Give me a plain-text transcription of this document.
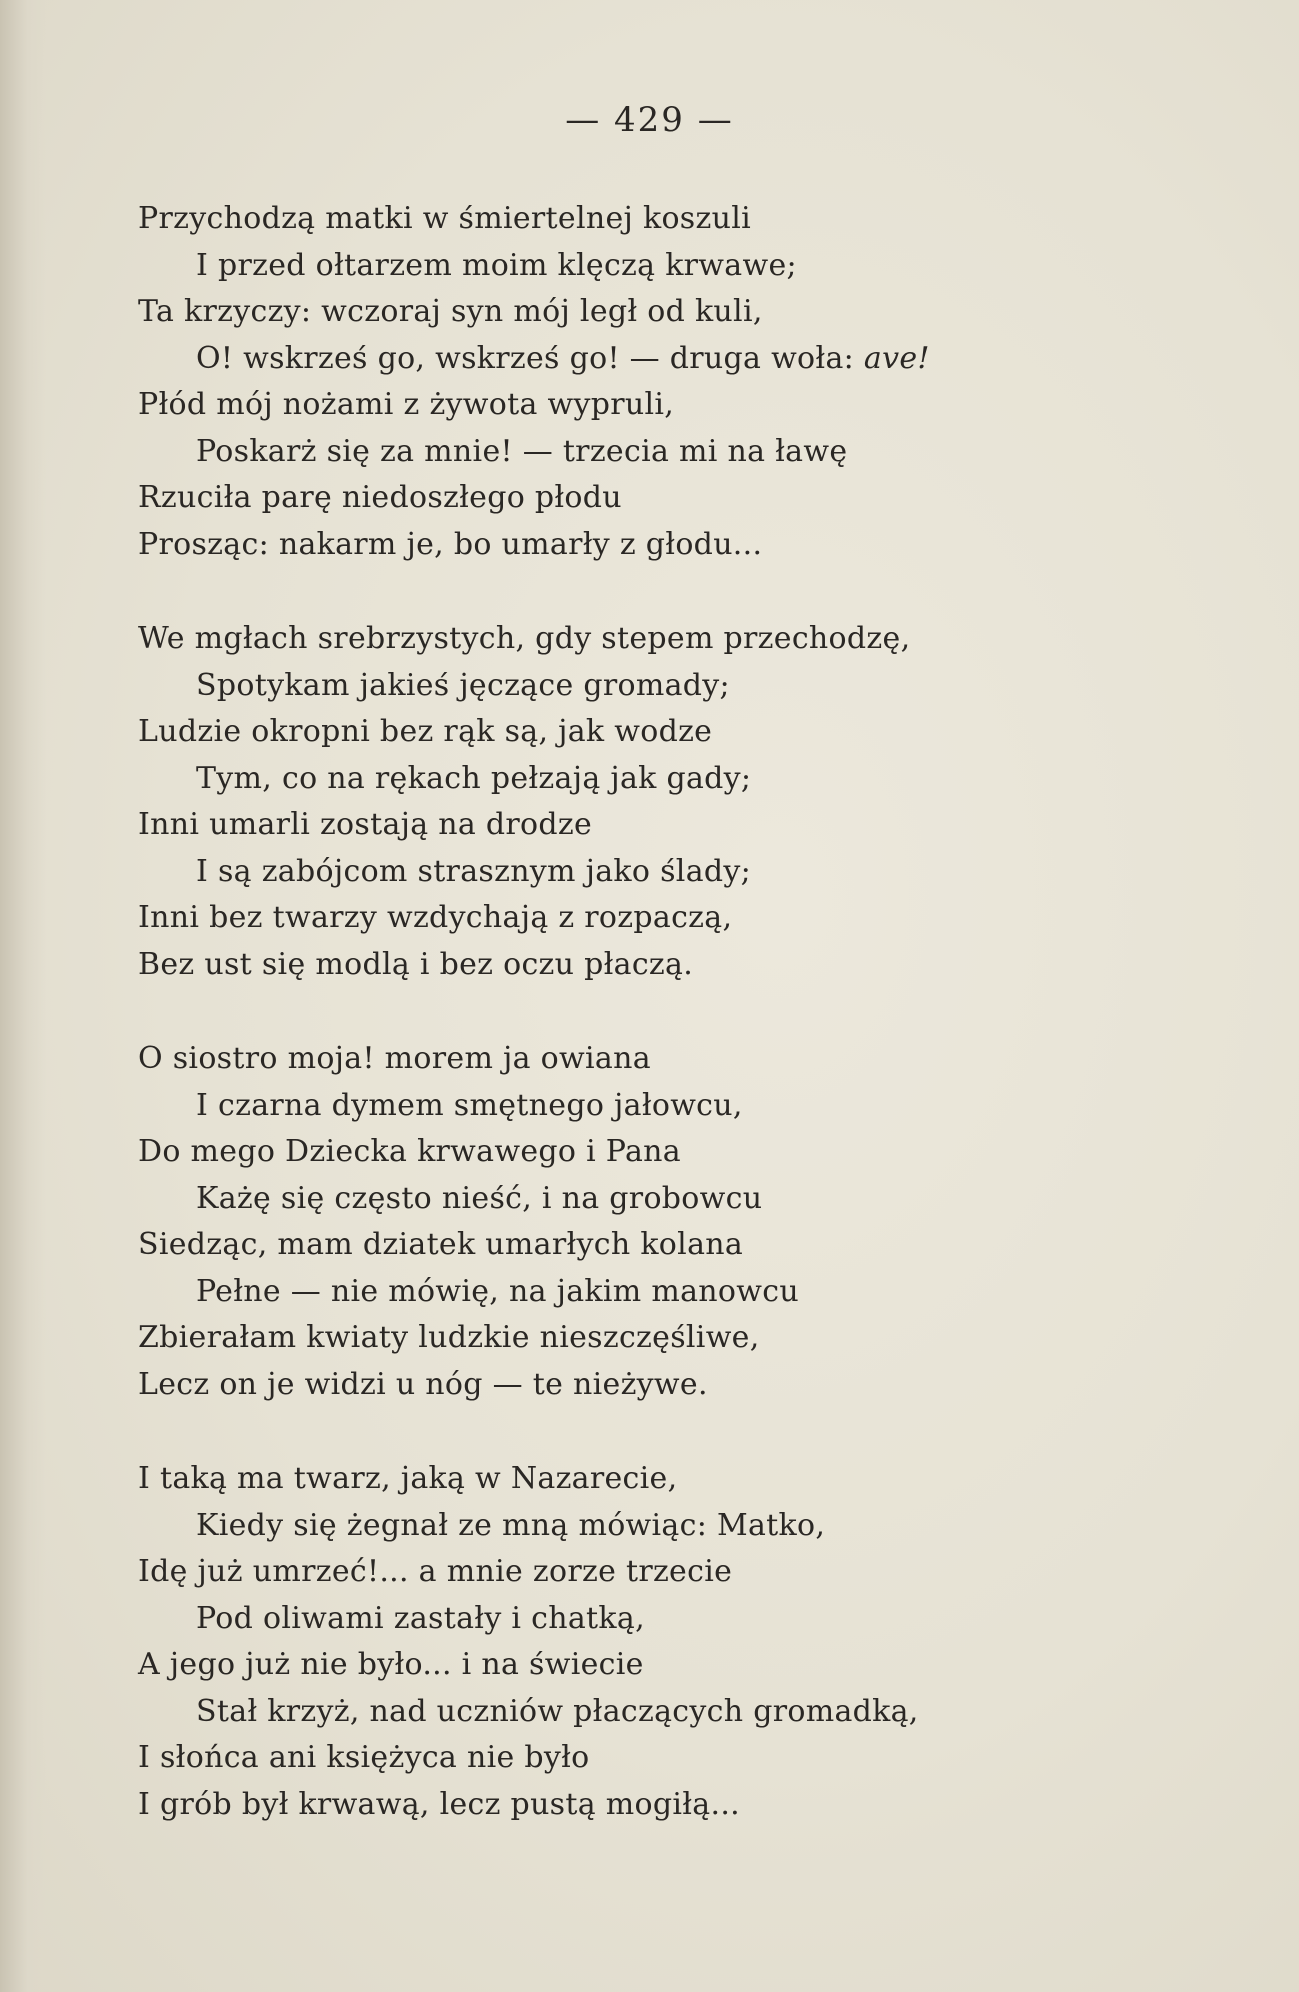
— 429 —
Przychodzą matki w śmiertelnej koszuli
I przed ołtarzem moim klęczą krwawe;
Ta krzyczy: wczoraj syn mój legł od kuli,
O! wskrześ go, wskrześ go! — druga woła: ave!
Płód mój nożami z żywota wypruli,
Poskarż się za mnie! — trzecia mi na ławę
Rzuciła parę niedoszłego płodu
Prosząc: nakarm je, bo umarły z głodu...
We mgłach srebrzystych, gdy stepem przechodzę,
Spotykam jakieś jęczące gromady;
Ludzie okropni bez rąk są, jak wodze
Tym, co na rękach pełzają jak gady;
Inni umarli zostają na drodze
I są zabójcom strasznym jako ślady;
Inni bez twarzy wzdychają z rozpaczą,
Bez ust się modlą i bez oczu płaczą.
O siostro moja! morem ja owiana
I czarna dymem smętnego jałowcu,
Do mego Dziecka krwawego i Pana
Każę się często nieść, i na grobowcu
Siedząc, mam dziatek umarłych kolana
Pełne — nie mówię, na jakim manowcu
Zbierałam kwiaty ludzkie nieszczęśliwe,
Lecz on je widzi u nóg — te nieżywe.
I taką ma twarz, jaką w Nazarecie,
Kiedy się żegnał ze mną mówiąc: Matko,
Idę już umrzeć!... a mnie zorze trzecie
Pod oliwami zastały i chatką,
A jego już nie było... i na świecie
Stał krzyż, nad uczniów płaczących gromadką,
I słońca ani księżyca nie było
I grób był krwawą, lecz pustą mogiłą...
